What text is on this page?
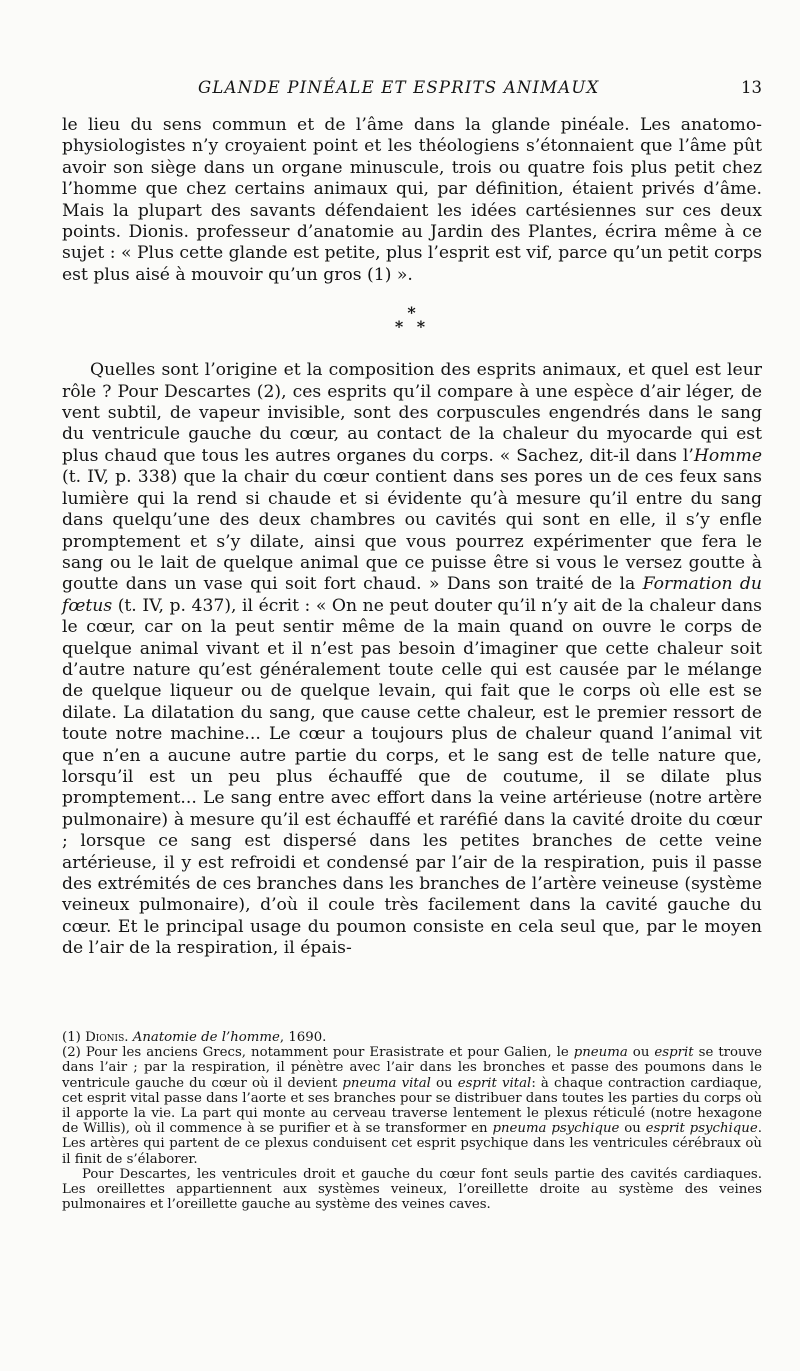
GLANDE PINÉALE ET ESPRITS ANIMAUX	13

le lieu du sens commun et de l’âme dans la glande pinéale. Les anatomo-physiologistes n’y croyaient point et les théologiens s’étonnaient que l’âme pût avoir son siège dans un organe minuscule, trois ou quatre fois plus petit chez l’homme que chez certains animaux qui, par définition, étaient privés d’âme. Mais la plupart des savants défendaient les idées cartésiennes sur ces deux points. Dionis. professeur d’anatomie au Jardin des Plantes, écrira même à ce sujet : « Plus cette glande est petite, plus l’esprit est vif, parce qu’un petit corps est plus aisé à mouvoir qu’un gros (1) ».

*
* *

Quelles sont l’origine et la composition des esprits animaux, et quel est leur rôle ? Pour Descartes (2), ces esprits qu’il compare à une espèce d’air léger, de vent subtil, de vapeur invisible, sont des corpuscules engendrés dans le sang du ventricule gauche du cœur, au contact de la chaleur du myocarde qui est plus chaud que tous les autres organes du corps. « Sachez, dit-il dans l’Homme (t. IV, p. 338) que la chair du cœur contient dans ses pores un de ces feux sans lumière qui la rend si chaude et si évidente qu’à mesure qu’il entre du sang dans quelqu’une des deux chambres ou cavités qui sont en elle, il s’y enfle promptement et s’y dilate, ainsi que vous pourrez expérimenter que fera le sang ou le lait de quelque animal que ce puisse être si vous le versez goutte à goutte dans un vase qui soit fort chaud. » Dans son traité de la Formation du fœtus (t. IV, p. 437), il écrit : « On ne peut douter qu’il n’y ait de la chaleur dans le cœur, car on la peut sentir même de la main quand on ouvre le corps de quelque animal vivant et il n’est pas besoin d’imaginer que cette chaleur soit d’autre nature qu’est généralement toute celle qui est causée par le mélange de quelque liqueur ou de quelque levain, qui fait que le corps où elle est se dilate. La dilatation du sang, que cause cette chaleur, est le premier ressort de toute notre machine... Le cœur a toujours plus de chaleur quand l’animal vit que n’en a aucune autre partie du corps, et le sang est de telle nature que, lorsqu’il est un peu plus échauffé que de coutume, il se dilate plus promptement... Le sang entre avec effort dans la veine artérieuse (notre artère pulmonaire) à mesure qu’il est échauffé et raréfié dans la cavité droite du cœur ; lorsque ce sang est dispersé dans les petites branches de cette veine artérieuse, il y est refroidi et condensé par l’air de la respiration, puis il passe des extrémités de ces branches dans les branches de l’artère veineuse (système veineux pulmonaire), d’où il coule très facilement dans la cavité gauche du cœur. Et le principal usage du poumon consiste en cela seul que, par le moyen de l’air de la respiration, il épais-

(1) Dionis. Anatomie de l’homme, 1690.

(2) Pour les anciens Grecs, notamment pour Erasistrate et pour Galien, le pneuma ou esprit se trouve dans l’air ; par la respiration, il pénètre avec l’air dans les bronches et passe des poumons dans le ventricule gauche du cœur où il devient pneuma vital ou esprit vital: à chaque contraction cardiaque, cet esprit vital passe dans l’aorte et ses branches pour se distribuer dans toutes les parties du corps où il apporte la vie. La part qui monte au cerveau traverse lentement le plexus réticulé (notre hexagone de Willis), où il commence à se purifier et à se transformer en pneuma psychique ou esprit psychique. Les artères qui partent de ce plexus conduisent cet esprit psychique dans les ventricules cérébraux où il finit de s’élaborer.

Pour Descartes, les ventricules droit et gauche du cœur font seuls partie des cavités cardiaques. Les oreillettes appartiennent aux systèmes veineux, l’oreillette droite au système des veines pulmonaires et l’oreillette gauche au système des veines caves.
